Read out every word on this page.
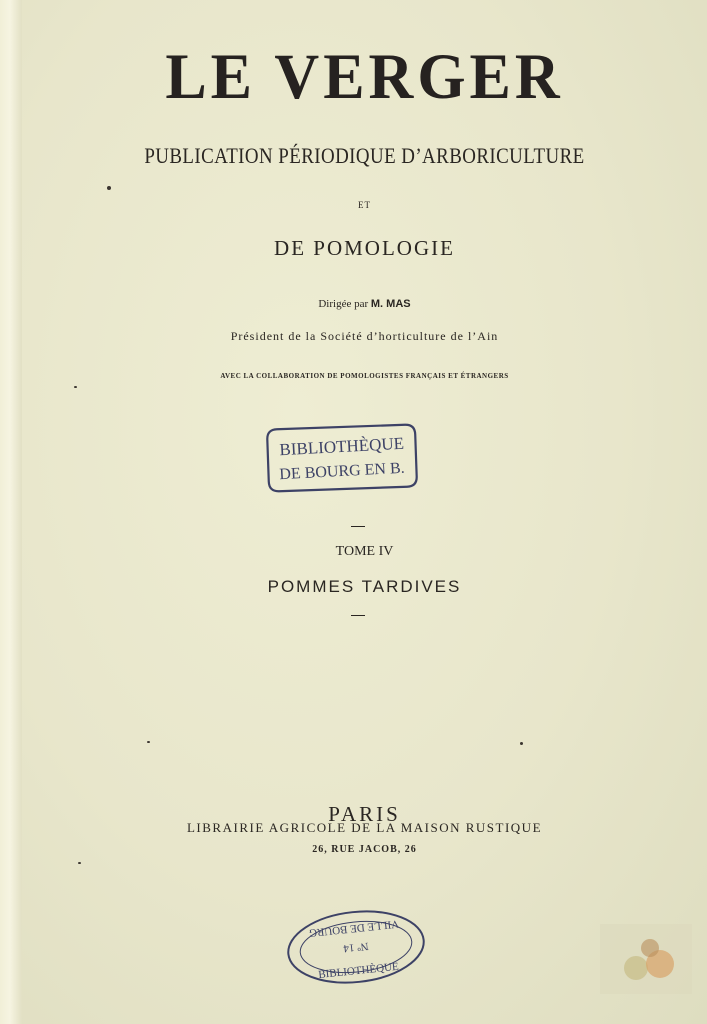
LE VERGER
PUBLICATION PÉRIODIQUE D’ARBORICULTURE
ET
DE POMOLOGIE
Dirigée par M. MAS
Président de la Société d’horticulture de l’Ain
AVEC LA COLLABORATION DE POMOLOGISTES FRANÇAIS ET ÉTRANGERS
BIBLIOTHÈQUE
DE BOURG EN B.
TOME IV
POMMES TARDIVES
PARIS
LIBRAIRIE AGRICOLE DE LA MAISON RUSTIQUE
26, RUE JACOB, 26
VILLE DE BOURG
Nº 14
BIBLIOTHÈQUE
